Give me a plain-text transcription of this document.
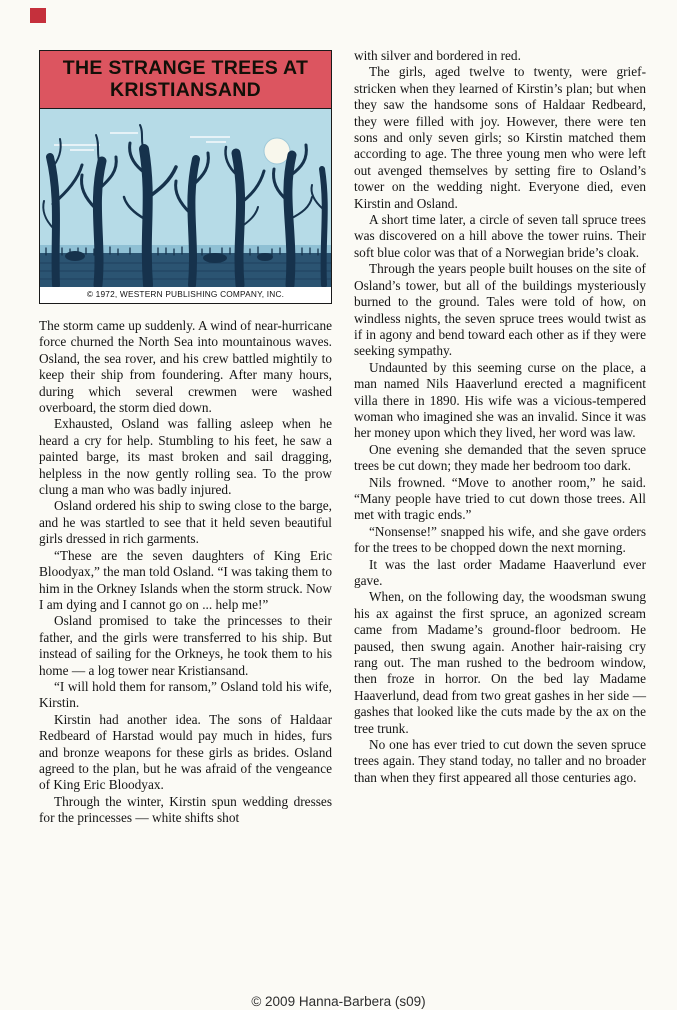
THE STRANGE TREES AT
KRISTIANSAND
© 1972, WESTERN PUBLISHING COMPANY, INC.

The storm came up suddenly. A wind of near-hurricane force churned the North Sea into mountainous waves. Osland, the sea rover, and his crew battled mightily to keep their ship from foundering. After many hours, during which several crewmen were washed overboard, the storm died down.

Exhausted, Osland was falling asleep when he heard a cry for help. Stumbling to his feet, he saw a painted barge, its mast broken and sail dragging, helpless in the now gently rolling sea. To the prow clung a man who was badly injured.

Osland ordered his ship to swing close to the barge, and he was startled to see that it held seven beautiful girls dressed in rich garments.

“These are the seven daughters of King Eric Bloodyax,” the man told Osland. “I was taking them to him in the Orkney Islands when the storm struck. Now I am dying and I cannot go on ... help me!”

Osland promised to take the princesses to their father, and the girls were transferred to his ship. But instead of sailing for the Orkneys, he took them to his home — a log tower near Kristiansand.

“I will hold them for ransom,” Osland told his wife, Kirstin.

Kirstin had another idea. The sons of Haldaar Redbeard of Harstad would pay much in hides, furs and bronze weapons for these girls as brides. Osland agreed to the plan, but he was afraid of the vengeance of King Eric Bloodyax.

Through the winter, Kirstin spun wedding dresses for the princesses — white shifts shot

with silver and bordered in red.

The girls, aged twelve to twenty, were grief-stricken when they learned of Kirstin’s plan; but when they saw the handsome sons of Haldaar Redbeard, they were filled with joy. However, there were ten sons and only seven girls; so Kirstin matched them according to age. The three young men who were left out avenged themselves by setting fire to Osland’s tower on the wedding night. Everyone died, even Kirstin and Osland.

A short time later, a circle of seven tall spruce trees was discovered on a hill above the tower ruins. Their soft blue color was that of a Norwegian bride’s cloak.

Through the years people built houses on the site of Osland’s tower, but all of the buildings mysteriously burned to the ground. Tales were told of how, on windless nights, the seven spruce trees would twist as if in agony and bend toward each other as if they were seeking sympathy.

Undaunted by this seeming curse on the place, a man named Nils Haaverlund erected a magnificent villa there in 1890. His wife was a vicious-tempered woman who imagined she was an invalid. Since it was her money upon which they lived, her word was law.

One evening she demanded that the seven spruce trees be cut down; they made her bedroom too dark.

Nils frowned. “Move to another room,” he said. “Many people have tried to cut down those trees. All met with tragic ends.”

“Nonsense!” snapped his wife, and she gave orders for the trees to be chopped down the next morning.

It was the last order Madame Haaverlund ever gave.

When, on the following day, the woodsman swung his ax against the first spruce, an agonized scream came from Madame’s ground-floor bedroom. He paused, then swung again. Another hair-raising cry rang out. The man rushed to the bedroom window, then froze in horror. On the bed lay Madame Haaverlund, dead from two great gashes in her side — gashes that looked like the cuts made by the ax on the tree trunk.

No one has ever tried to cut down the seven spruce trees again. They stand today, no taller and no broader than when they first appeared all those centuries ago.

© 2009 Hanna-Barbera (s09)
